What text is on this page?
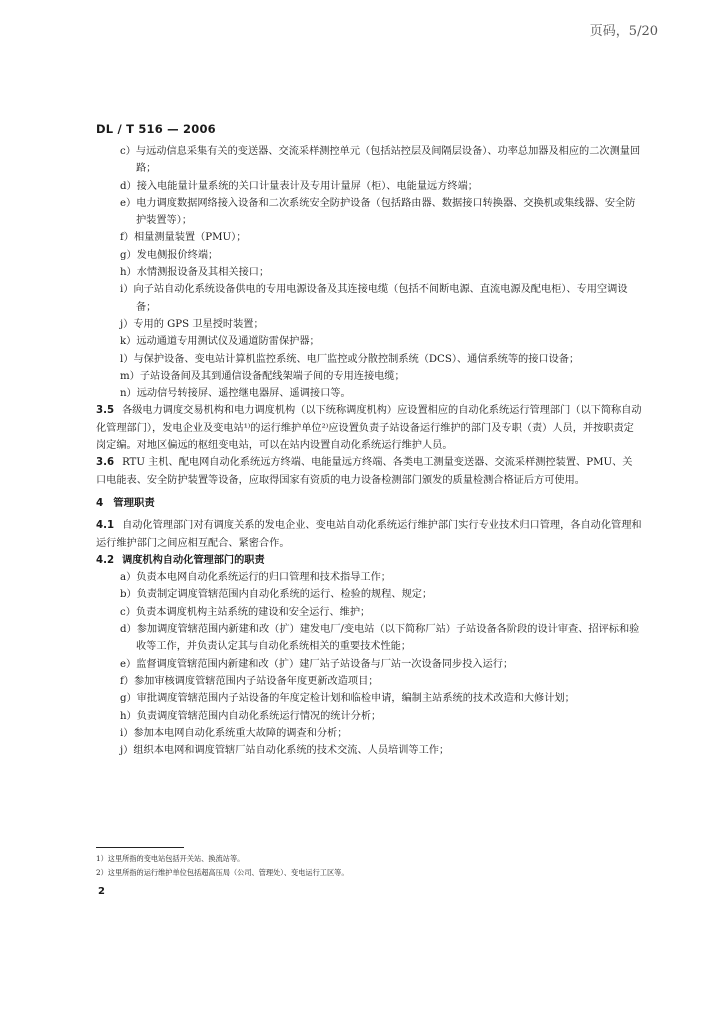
页码，5/20
DL / T 516 — 2006

c）与远动信息采集有关的变送器、交流采样测控单元（包括站控层及间隔层设备）、功率总加器及相应的二次测量回路；

d）接入电能量计量系统的关口计量表计及专用计量屏（柜）、电能量远方终端；

e）电力调度数据网络接入设备和二次系统安全防护设备（包括路由器、数据接口转换器、交换机或集线器、安全防护装置等）；

f）相量测量装置（PMU）；

g）发电侧报价终端；

h）水情测报设备及其相关接口；

i）向子站自动化系统设备供电的专用电源设备及其连接电缆（包括不间断电源、直流电源及配电柜）、专用空调设备；

j）专用的 GPS 卫星授时装置；

k）远动通道专用测试仪及通道防雷保护器；

l）与保护设备、变电站计算机监控系统、电厂监控或分散控制系统（DCS）、通信系统等的接口设备；

m）子站设备间及其到通信设备配线架端子间的专用连接电缆；

n）远动信号转接屏、遥控继电器屏、遥调接口等。

3.5 各级电力调度交易机构和电力调度机构（以下统称调度机构）应设置相应的自动化系统运行管理部门（以下简称自动化管理部门），发电企业及变电站¹⁾的运行维护单位²⁾应设置负责子站设备运行维护的部门及专职（责）人员，并按职责定岗定编。对地区偏远的枢纽变电站，可以在站内设置自动化系统运行维护人员。

3.6 RTU 主机、配电网自动化系统远方终端、电能量远方终端、各类电工测量变送器、交流采样测控装置、PMU、关口电能表、安全防护装置等设备，应取得国家有资质的电力设备检测部门颁发的质量检测合格证后方可使用。

4 管理职责

4.1 自动化管理部门对有调度关系的发电企业、变电站自动化系统运行维护部门实行专业技术归口管理，各自动化管理和运行维护部门之间应相互配合、紧密合作。

4.2 调度机构自动化管理部门的职责

a）负责本电网自动化系统运行的归口管理和技术指导工作；

b）负责制定调度管辖范围内自动化系统的运行、检验的规程、规定；

c）负责本调度机构主站系统的建设和安全运行、维护；

d）参加调度管辖范围内新建和改（扩）建发电厂/变电站（以下简称厂站）子站设备各阶段的设计审查、招评标和验收等工作，并负责认定其与自动化系统相关的重要技术性能；

e）监督调度管辖范围内新建和改（扩）建厂站子站设备与厂站一次设备同步投入运行；

f）参加审核调度管辖范围内子站设备年度更新改造项目；

g）审批调度管辖范围内子站设备的年度定检计划和临检申请，编制主站系统的技术改造和大修计划；

h）负责调度管辖范围内自动化系统运行情况的统计分析；

i）参加本电网自动化系统重大故障的调查和分析；

j）组织本电网和调度管辖厂站自动化系统的技术交流、人员培训等工作；

1）这里所指的变电站包括开关站、换流站等。
2）这里所指的运行维护单位包括超高压局（公司、管理处）、变电运行工区等。
2
